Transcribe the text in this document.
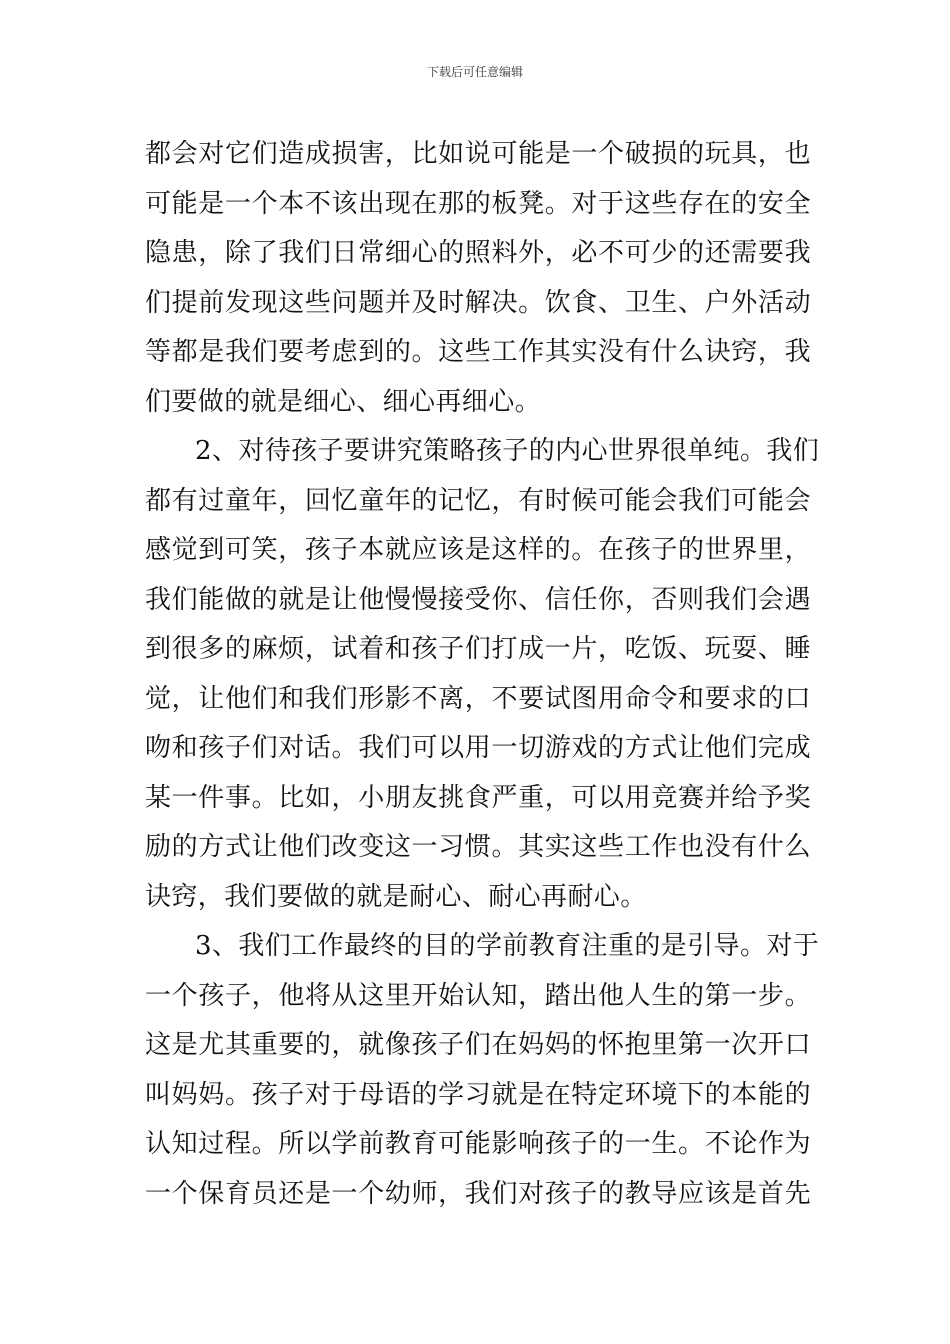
下载后可任意编辑
都会对它们造成损害，比如说可能是一个破损的玩具，也
可能是一个本不该出现在那的板凳。对于这些存在的安全
隐患，除了我们日常细心的照料外，必不可少的还需要我
们提前发现这些问题并及时解决。饮食、卫生、户外活动
等都是我们要考虑到的。这些工作其实没有什么诀窍，我
们要做的就是细心、细心再细心。
2、对待孩子要讲究策略孩子的内心世界很单纯。我们
都有过童年，回忆童年的记忆，有时候可能会我们可能会
感觉到可笑，孩子本就应该是这样的。在孩子的世界里，
我们能做的就是让他慢慢接受你、信任你，否则我们会遇
到很多的麻烦，试着和孩子们打成一片，吃饭、玩耍、睡
觉，让他们和我们形影不离，不要试图用命令和要求的口
吻和孩子们对话。我们可以用一切游戏的方式让他们完成
某一件事。比如，小朋友挑食严重，可以用竞赛并给予奖
励的方式让他们改变这一习惯。其实这些工作也没有什么
诀窍，我们要做的就是耐心、耐心再耐心。
3、我们工作最终的目的学前教育注重的是引导。对于
一个孩子，他将从这里开始认知，踏出他人生的第一步。
这是尤其重要的，就像孩子们在妈妈的怀抱里第一次开口
叫妈妈。孩子对于母语的学习就是在特定环境下的本能的
认知过程。所以学前教育可能影响孩子的一生。不论作为
一个保育员还是一个幼师，我们对孩子的教导应该是首先
